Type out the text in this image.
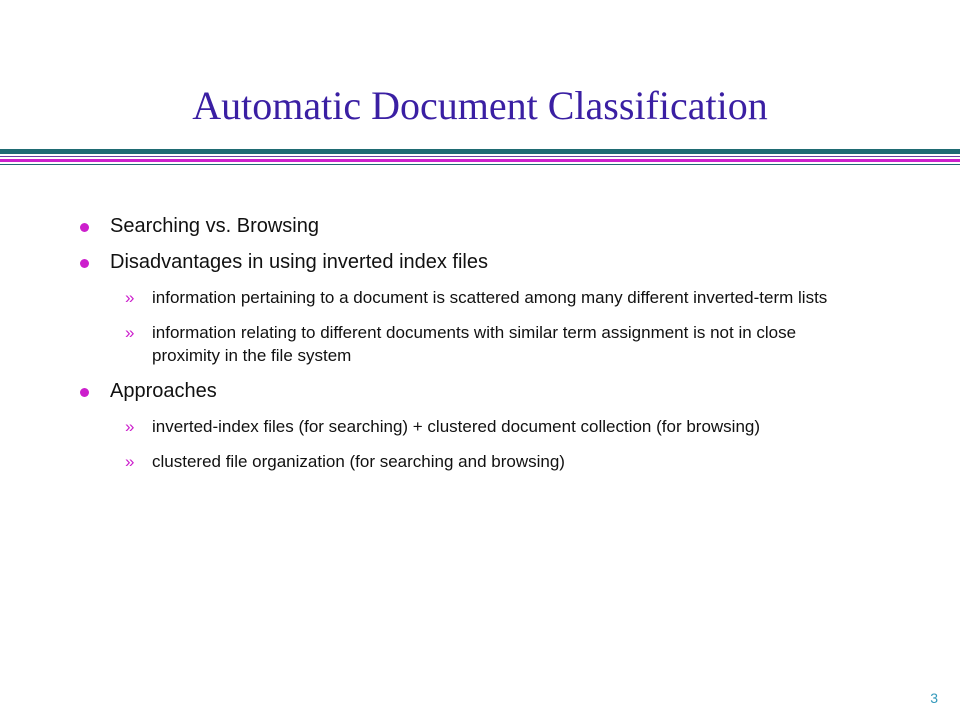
Automatic Document Classification
Searching vs. Browsing
Disadvantages in using inverted index files
» information pertaining to a document is scattered among many different inverted-term lists
» information relating to different documents with similar term assignment is not in close proximity in the file system
Approaches
» inverted-index files (for searching) + clustered document collection (for browsing)
» clustered file organization (for searching and browsing)
3
